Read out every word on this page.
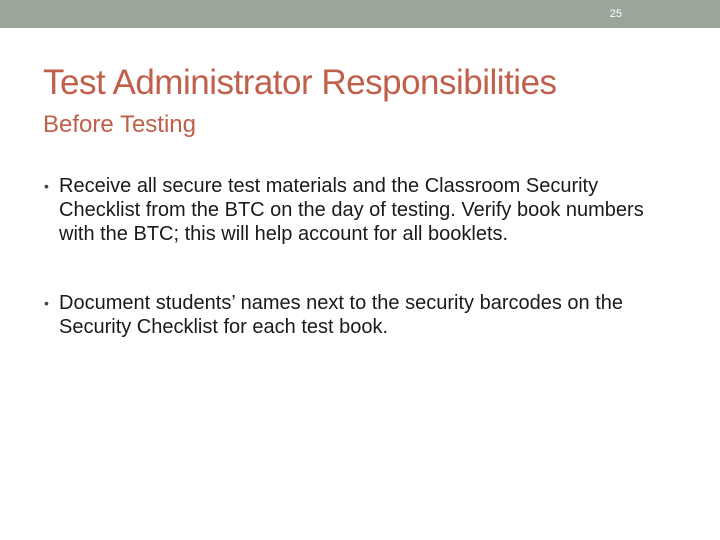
25
Test Administrator Responsibilities
Before Testing
• Receive all secure test materials and the Classroom Security Checklist from the BTC on the day of testing. Verify book numbers with the BTC; this will help account for all booklets.
• Document students’ names next to the security barcodes on the Security Checklist for each test book.
